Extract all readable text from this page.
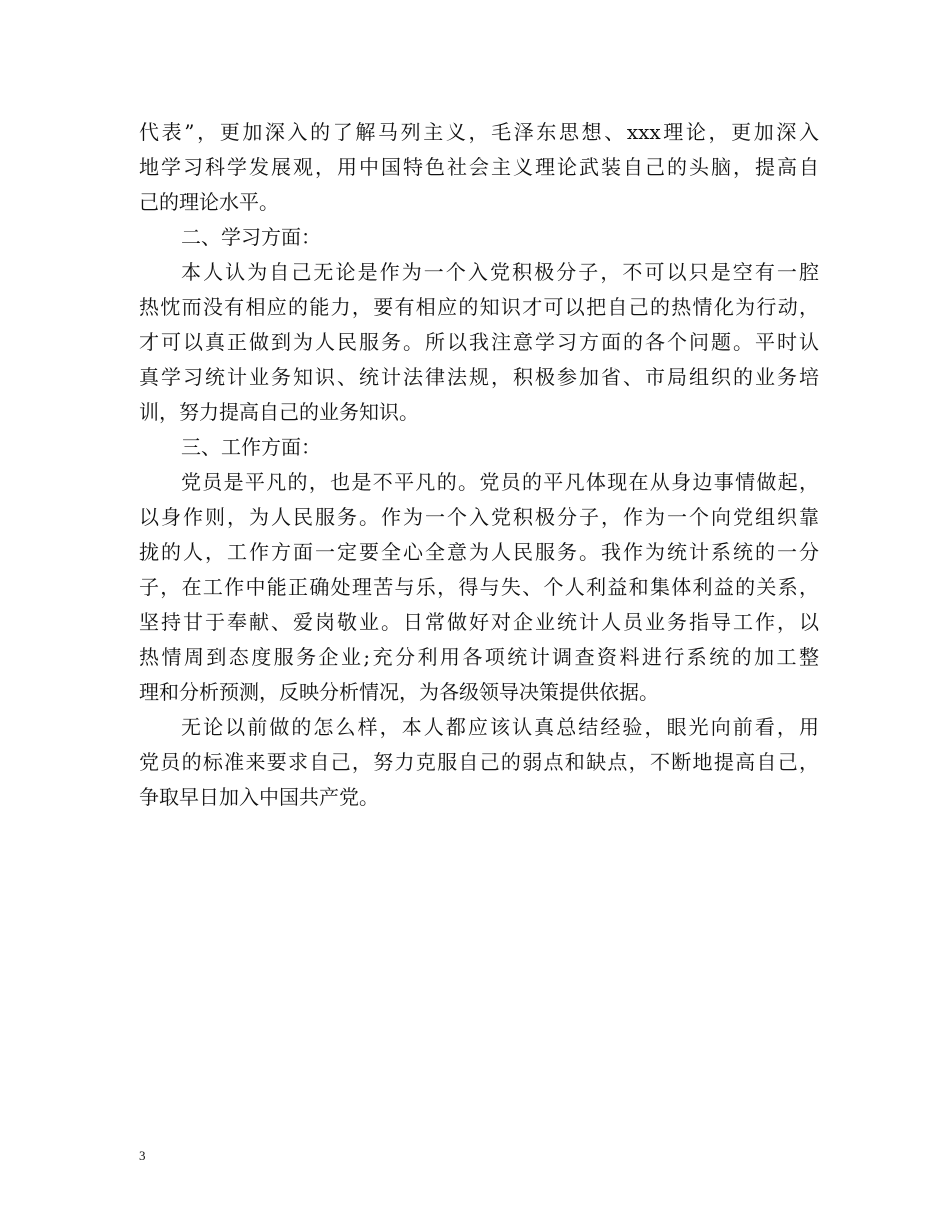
代表”，更加深入的了解马列主义，毛泽东思想、xxx理论，更加深入
地学习科学发展观，用中国特色社会主义理论武装自己的头脑，提高自
己的理论水平。
二、学习方面：
本人认为自己无论是作为一个入党积极分子，不可以只是空有一腔
热忱而没有相应的能力，要有相应的知识才可以把自己的热情化为行动，
才可以真正做到为人民服务。所以我注意学习方面的各个问题。平时认
真学习统计业务知识、统计法律法规，积极参加省、市局组织的业务培
训，努力提高自己的业务知识。
三、工作方面：
党员是平凡的，也是不平凡的。党员的平凡体现在从身边事情做起，
以身作则，为人民服务。作为一个入党积极分子，作为一个向党组织靠
拢的人，工作方面一定要全心全意为人民服务。我作为统计系统的一分
子，在工作中能正确处理苦与乐，得与失、个人利益和集体利益的关系，
坚持甘于奉献、爱岗敬业。日常做好对企业统计人员业务指导工作，以
热情周到态度服务企业;充分利用各项统计调查资料进行系统的加工整
理和分析预测，反映分析情况，为各级领导决策提供依据。
无论以前做的怎么样，本人都应该认真总结经验，眼光向前看，用
党员的标准来要求自己，努力克服自己的弱点和缺点，不断地提高自己，
争取早日加入中国共产党。
3
